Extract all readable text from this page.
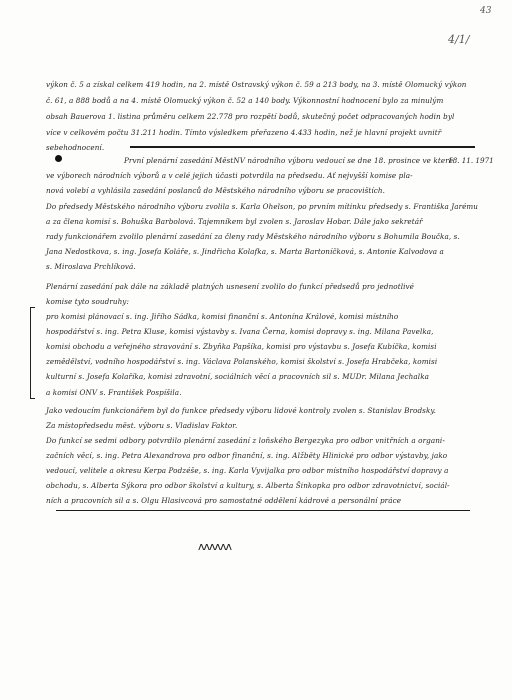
43
4/1/
výkon č. 5 a získal celkem 419 hodin, na 2. místě Ostravský výkon č. 59 a 213 body, na 3. místě Olomucký výkon
č. 61, a 888 bodů a na 4. místě Olomucký výkon č. 52 a 140 body. Výkonnostní hodnocení bylo za minulým
obsah Bauerova 1. listina průměru celkem 22.778 pro rozpětí bodů, skutečný počet odpracovaných hodin byl
více v celkovém počtu 31.211 hodin. Tímto výsledkem přeřazeno 4.433 hodin, než je hlavní projekt uvnitř
sebehodnocení.
18. 11. 1971
První plenární zasedání MěstNV národního výboru vedoucí se dne 18. prosince ve které
ve výborech národních výborů a v celé jejich účasti potvrdila na předsedu. Ať nejvyšší komise pla-
nová volebí a vyhlásila zasedání poslanců do Městského národního výboru se pracovištích.
Do předsedy Městského národního výboru zvolila s. Karla Ohelson, po prvním mítinku předsedy s. Františka Jarému
a za člena komisí s. Bohuška Barbolová. Tajemníkem byl zvolen s. Jaroslav Hobar. Dále jako sekretář
rady funkcionářem zvolilo plenární zasedání za členy rady Městského národního výboru s Bohumila Boučka, s.
Jana Nedostkova, s. ing. Josefa Koláře, s. Jindřicha Kolafka, s. Marta Bartoníčková, s. Antonie Kalvodova a
s. Miroslava Prchlíková.
Plenární zasedání pak dále na základě platných usnesení zvolilo do funkcí předsedů pro jednotlivé
komise tyto soudruhy:
pro komisi plánovací s. ing. Jiřího Sádka, komisi finanční s. Antonína Králové, komisi místního
hospodářství s. ing. Petra Kluse, komisi výstavby s. Ivana Černa, komisi dopravy s. ing. Milana Pavelka,
komisi obchodu a veřejného stravování s. Zbyňka Papšíka, komisi pro výstavbu s. Josefa Kubíčka, komisi
zemědělství, vodního hospodářství s. ing. Václava Polanského, komisi školství s. Josefa Hrabčeka, komisi
kulturní s. Josefa Kolaříka, komisi zdravotní, sociálních věcí a pracovních sil s. MUDr. Milana Jechalka
a komisi ONV s. František Pospíšila.
Jako vedoucím funkcionářem byl do funkce předsedy výboru lidové kontroly zvolen s. Stanislav Brodsky.
Za místopředsedu měst. výboru s. Vladislav Faktor.
Do funkcí se sedmi odbory potvrdilo plenární zasedání z loňského Bergezyka pro odbor vnitřních a organi-
začních věcí, s. ing. Petra Alexandrova pro odbor finanční, s. ing. Alžběty Hlinické pro odbor výstavby, jako
vedoucí, velitele a okresu Kerpa Podzéše, s. ing. Karla Vyvijalka pro odbor místního hospodářství dopravy a
obchodu, s. Alberta Sýkora pro odbor školství a kultury, s. Alberta Šinkopka pro odbor zdravotnictví, sociál-
ních a pracovních sil a s. Olgu Hlasivcová pro samostatné oddělení kádrové a personální práce
ʌʌʌʌʌʌ
